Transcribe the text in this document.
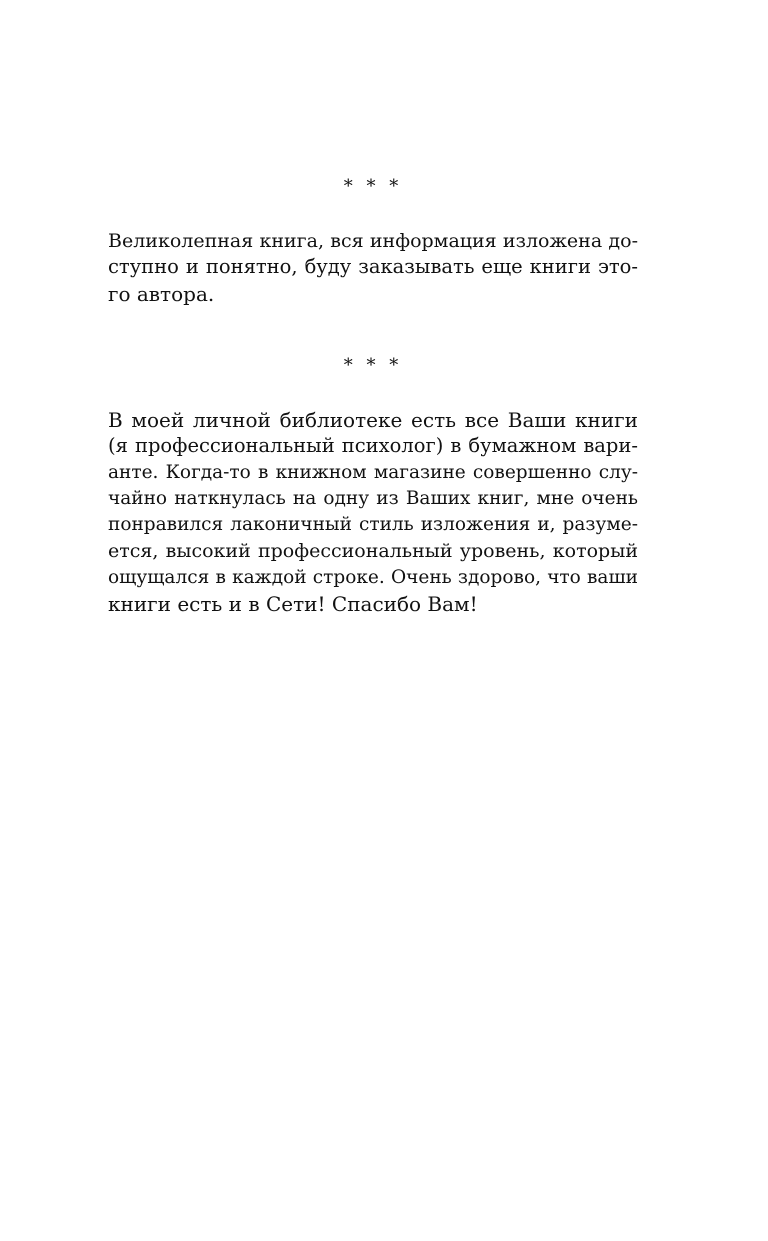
* * *
Великолепная книга, вся информация изложена до-
ступно и понятно, буду заказывать еще книги это-
го автора.
* * *
В моей личной библиотеке есть все Ваши книги
(я профессиональный психолог) в бумажном вари-
анте. Когда-то в книжном магазине совершенно слу-
чайно наткнулась на одну из Ваших книг, мне очень
понравился лаконичный стиль изложения и, разуме-
ется, высокий профессиональный уровень, который
ощущался в каждой строке. Очень здорово, что ваши
книги есть и в Сети! Спасибо Вам!
